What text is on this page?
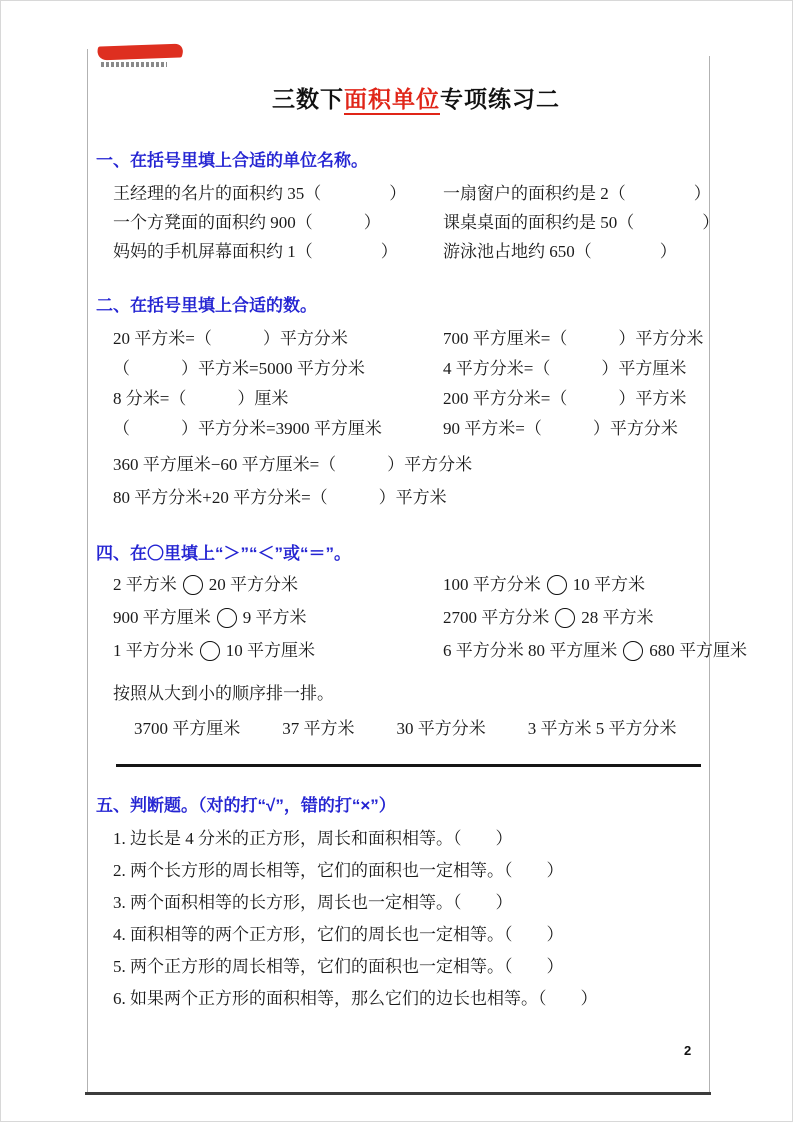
三数下面积单位专项练习二
一、在括号里填上合适的单位名称。
王经理的名片的面积约 35（　　　　）	一扇窗户的面积约是 2（　　　　）
一个方凳面的面积约 900（　　　）	课桌桌面的面积约是 50（　　　　）
妈妈的手机屏幕面积约 1（　　　　）	游泳池占地约 650（　　　　）
二、在括号里填上合适的数。
20 平方米=（　　　）平方分米	700 平方厘米=（　　　）平方分米
（　　　）平方米=5000 平方分米	4 平方分米=（　　　）平方厘米
8 分米=（　　　）厘米	200 平方分米=（　　　）平方米
（　　　）平方分米=3900 平方厘米	90 平方米=（　　　）平方分米
360 平方厘米−60 平方厘米=（　　　）平方分米
80 平方分米+20 平方分米=（　　　）平方米
四、在〇里填上“＞”“＜”或“＝”。
2 平方米 20 平方分米	100 平方分米 10 平方米
900 平方厘米 9 平方米	2700 平方分米 28 平方米
1 平方分米 10 平方厘米	6 平方分米 80 平方厘米 680 平方厘米
按照从大到小的顺序排一排。
3700 平方厘米 37 平方米 30 平方分米 3 平方米 5 平方分米
五、判断题。（对的打“√”，错的打“×”）
1. 边长是 4 分米的正方形，周长和面积相等。（　　）
2. 两个长方形的周长相等，它们的面积也一定相等。（　　）
3. 两个面积相等的长方形，周长也一定相等。（　　）
4. 面积相等的两个正方形，它们的周长也一定相等。（　　）
5. 两个正方形的周长相等，它们的面积也一定相等。（　　）
6. 如果两个正方形的面积相等，那么它们的边长也相等。（　　）
2
